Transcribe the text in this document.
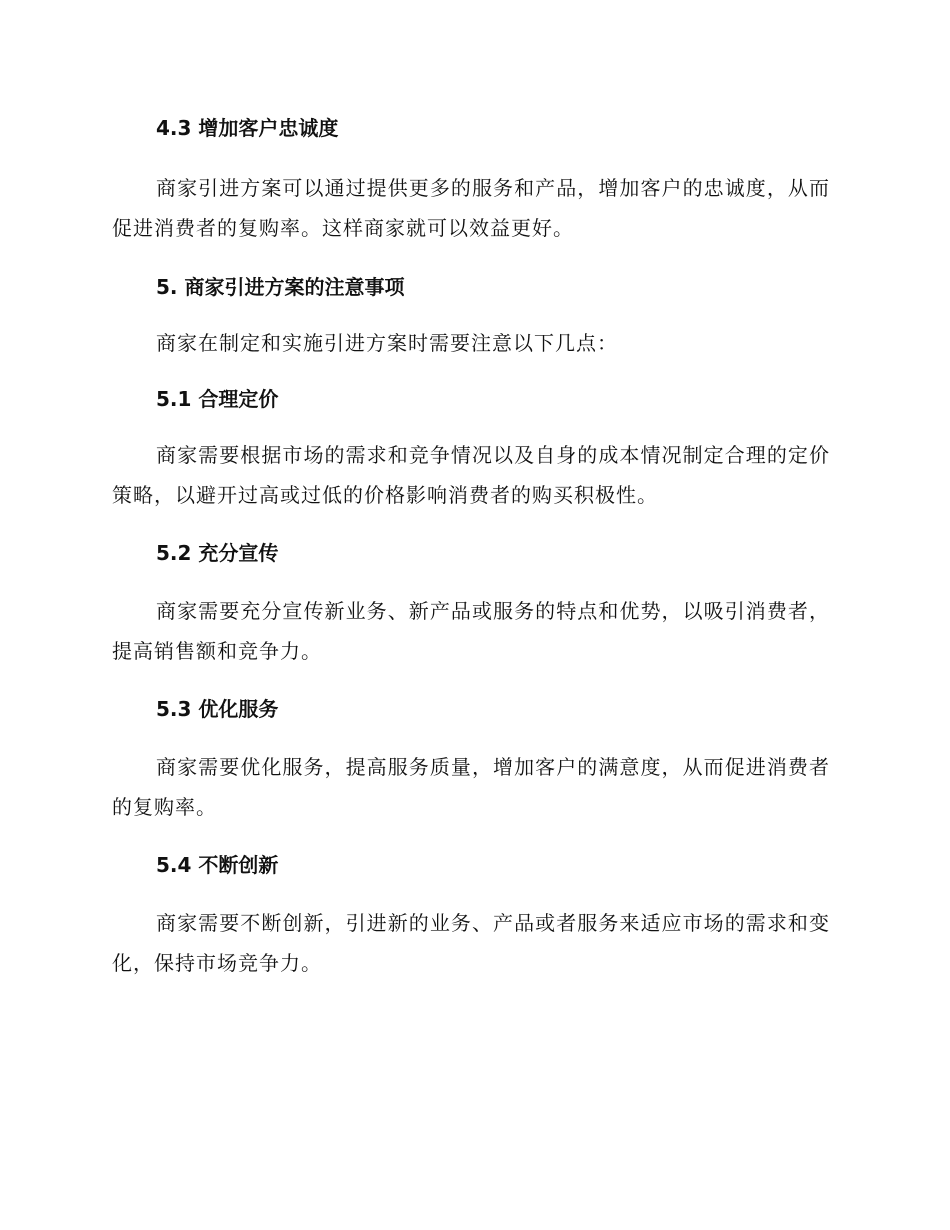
4.3 增加客户忠诚度

商家引进方案可以通过提供更多的服务和产品，增加客户的忠诚度，从而促进消费者的复购率。这样商家就可以效益更好。

5. 商家引进方案的注意事项

商家在制定和实施引进方案时需要注意以下几点：

5.1 合理定价

商家需要根据市场的需求和竞争情况以及自身的成本情况制定合理的定价策略，以避开过高或过低的价格影响消费者的购买积极性。

5.2 充分宣传

商家需要充分宣传新业务、新产品或服务的特点和优势，以吸引消费者，提高销售额和竞争力。

5.3 优化服务

商家需要优化服务，提高服务质量，增加客户的满意度，从而促进消费者的复购率。

5.4 不断创新

商家需要不断创新，引进新的业务、产品或者服务来适应市场的需求和变化，保持市场竞争力。
